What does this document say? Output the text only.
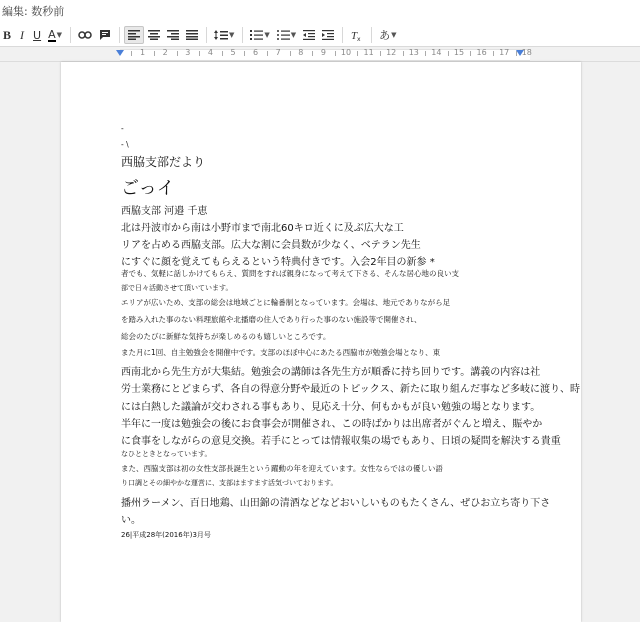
編集: 数秒前
B I U A ▼	▼	▼	▼	T x あ ▼
1 2 3 4 5 6 7 8 9 10 11 12 13 14 15 16 17 18
-
- \
西脇支部だより
ごっイ
西脇支部 河邉 千恵
北は丹波市から南は小野市まで南北60キロ近くに及ぶ広大な工
リアを占める西脇支部。広大な割に会員数が少なく、ベテラン先生
にすぐに顔を覚えてもらえるという特典付きです。入会2年目の新参 *
者でも、気軽に話しかけてもらえ、質問をすれば親身になって考えて下さる、そんな居心地の良い支
部で日々活動させて頂いています。
エリアが広いため、支部の総会は地域ごとに輪番制となっています。会場は、地元でありながら足
を踏み入れた事のない料理旅館や北播磨の住人であり行った事のない施設等で開催され、
総会のたびに新鮮な気持ちが楽しめるのも嬉しいところです。
また月に1回、自主勉強会を開催中です。支部のほぼ中心にあたる西脇市が勉強会場となり、東
西南北から先生方が大集結。勉強会の講師は各先生方が順番に持ち回りです。講義の内容は社
労士業務にとどまらず、各自の得意分野や最近のトピックス、新たに取り組んだ事など多岐に渡り、時
には白熱した議論が交わされる事もあり、見応え十分、何もかもが良い勉強の場となります。
半年に一度は勉強会の後にお食事会が開催され、この時ばかりは出席者がぐんと増え、賑やか
に食事をしながらの意見交換。若手にとっては情報収集の場でもあり、日頃の疑問を解決する貴重
なひとときとなっています。
また、西脇支部は初の女性支部長誕生という躍動の年を迎えています。女性ならではの優しい語
り口調とその細やかな運営に、支部はますます活気づいております。
播州ラーメン、百日地鶏、山田錦の清酒などなどおいしいものもたくさん、ぜひお立ち寄り下さ
い。
26|平成28年(2016年)3月号
